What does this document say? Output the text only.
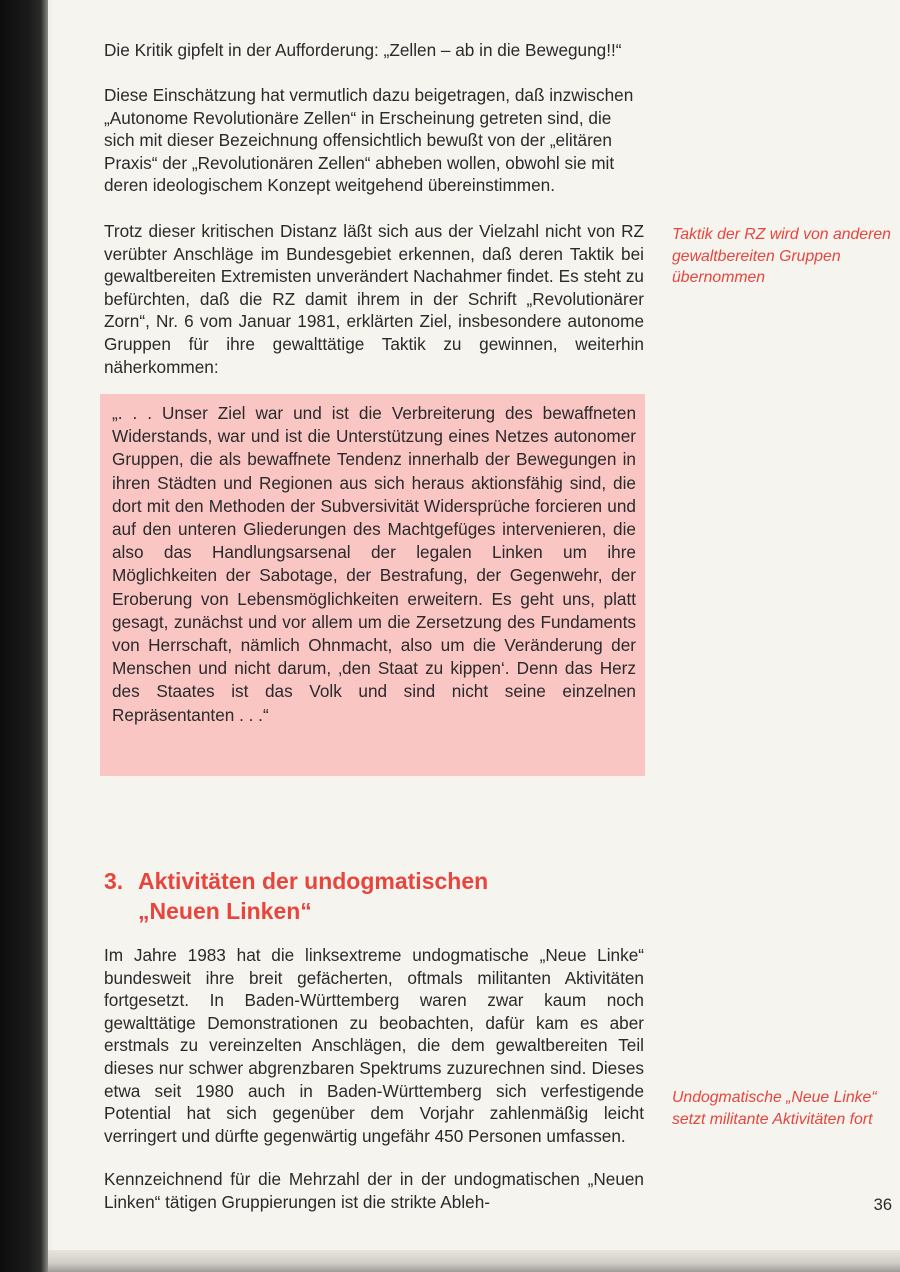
Die Kritik gipfelt in der Aufforderung: „Zellen – ab in die Bewegung!!“

Diese Einschätzung hat vermutlich dazu beigetragen, daß inzwischen „Autonome Revolutionäre Zellen“ in Erscheinung getreten sind, die sich mit dieser Bezeichnung offensichtlich bewußt von der „elitären Praxis“ der „Revolutionären Zellen“ abheben wollen, obwohl sie mit deren ideologischem Konzept weitgehend übereinstimmen.

Trotz dieser kritischen Distanz läßt sich aus der Vielzahl nicht von RZ verübter Anschläge im Bundesgebiet erkennen, daß deren Taktik bei gewaltbereiten Extremisten unverändert Nachahmer findet. Es steht zu befürchten, daß die RZ damit ihrem in der Schrift „Revolutionärer Zorn“, Nr. 6 vom Januar 1981, erklärten Ziel, insbesondere autonome Gruppen für ihre gewalttätige Taktik zu gewinnen, weiterhin näherkommen:

„. . . Unser Ziel war und ist die Verbreiterung des bewaffneten Widerstands, war und ist die Unterstützung eines Netzes autonomer Gruppen, die als bewaffnete Tendenz innerhalb der Bewegungen in ihren Städten und Regionen aus sich heraus aktionsfähig sind, die dort mit den Methoden der Subversivität Widersprüche forcieren und auf den unteren Gliederungen des Machtgefüges intervenieren, die also das Handlungsarsenal der legalen Linken um ihre Möglichkeiten der Sabotage, der Bestrafung, der Gegenwehr, der Eroberung von Lebensmöglichkeiten erweitern. Es geht uns, platt gesagt, zunächst und vor allem um die Zersetzung des Fundaments von Herrschaft, nämlich Ohnmacht, also um die Veränderung der Menschen und nicht darum, ‚den Staat zu kippen‘. Denn das Herz des Staates ist das Volk und sind nicht seine einzelnen Repräsentanten . . .“

3. Aktivitäten der undogmatischen
„Neuen Linken“

Im Jahre 1983 hat die linksextreme undogmatische „Neue Linke“ bundesweit ihre breit gefächerten, oftmals militanten Aktivitäten fortgesetzt. In Baden-Württemberg waren zwar kaum noch gewalttätige Demonstrationen zu beobachten, dafür kam es aber erstmals zu vereinzelten Anschlägen, die dem gewaltbereiten Teil dieses nur schwer abgrenzbaren Spektrums zuzurechnen sind. Dieses etwa seit 1980 auch in Baden-Württemberg sich verfestigende Potential hat sich gegenüber dem Vorjahr zahlenmäßig leicht verringert und dürfte gegenwärtig ungefähr 450 Personen umfassen.

Kennzeichnend für die Mehrzahl der in der undogmatischen „Neuen Linken“ tätigen Gruppierungen ist die strikte Ableh-

Taktik der RZ wird von anderen gewaltbereiten Gruppen übernommen

Undogmatische „Neue Linke“ setzt militante Aktivitäten fort

36
